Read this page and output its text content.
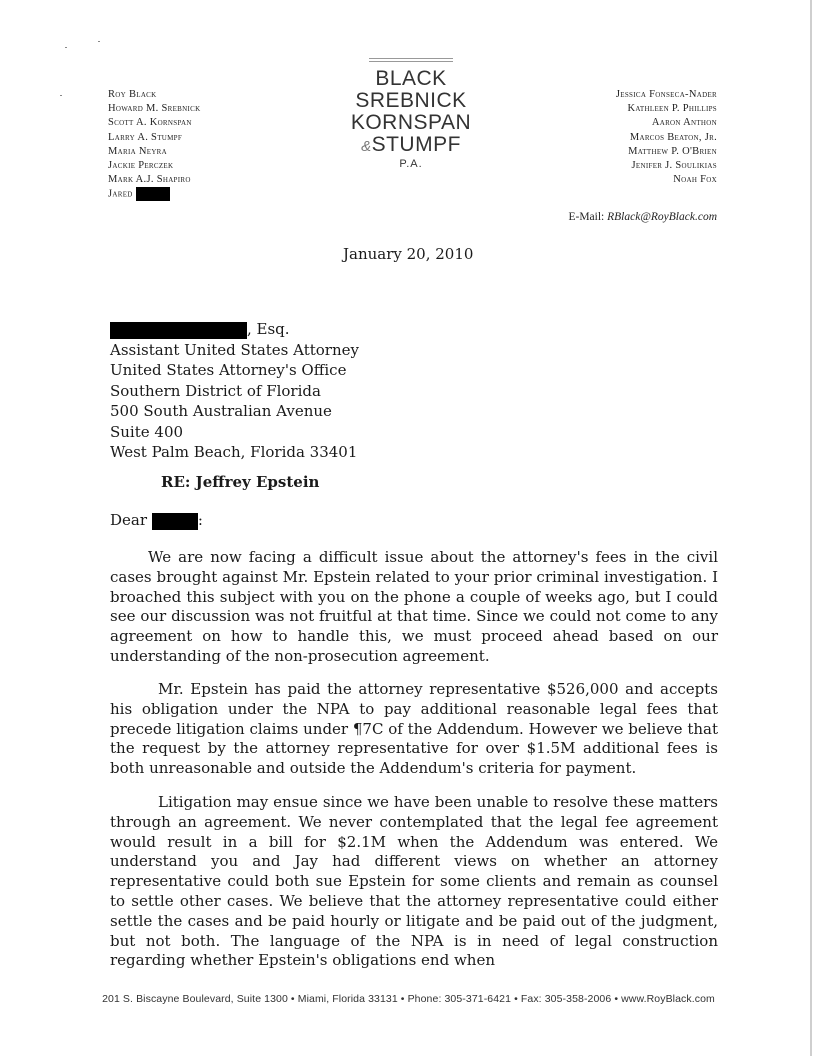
Roy Black
Howard M. Srebnick
Scott A. Kornspan
Larry A. Stumpf
Maria Neyra
Jackie Perczek
Mark A.J. Shapiro
Jared
BLACK
SREBNICK
KORNSPAN
&STUMPF
P.A.
Jessica Fonseca-Nader
Kathleen P. Phillips
Aaron Anthon
Marcos Beaton, Jr.
Matthew P. O'Brien
Jenifer J. Soulikias
Noah Fox
E-Mail: RBlack@RoyBlack.com
January 20, 2010
, Esq.
Assistant United States Attorney
United States Attorney's Office
Southern District of Florida
500 South Australian Avenue
Suite 400
West Palm Beach, Florida 33401
RE: Jeffrey Epstein
Dear	:
We are now facing a difficult issue about the attorney's fees in the civil cases brought against Mr. Epstein related to your prior criminal investigation. I broached this subject with you on the phone a couple of weeks ago, but I could see our discussion was not fruitful at that time. Since we could not come to any agreement on how to handle this, we must proceed ahead based on our understanding of the non-prosecution agreement.
Mr. Epstein has paid the attorney representative $526,000 and accepts his obligation under the NPA to pay additional reasonable legal fees that precede litigation claims under ¶7C of the Addendum. However we believe that the request by the attorney representative for over $1.5M additional fees is both unreasonable and outside the Addendum's criteria for payment.
Litigation may ensue since we have been unable to resolve these matters through an agreement. We never contemplated that the legal fee agreement would result in a bill for $2.1M when the Addendum was entered. We understand you and Jay had different views on whether an attorney representative could both sue Epstein for some clients and remain as counsel to settle other cases. We believe that the attorney representative could either settle the cases and be paid hourly or litigate and be paid out of the judgment, but not both. The language of the NPA is in need of legal construction regarding whether Epstein's obligations end when
201 S. Biscayne Boulevard, Suite 1300 • Miami, Florida 33131 • Phone: 305-371-6421 • Fax: 305-358-2006 • www.RoyBlack.com
